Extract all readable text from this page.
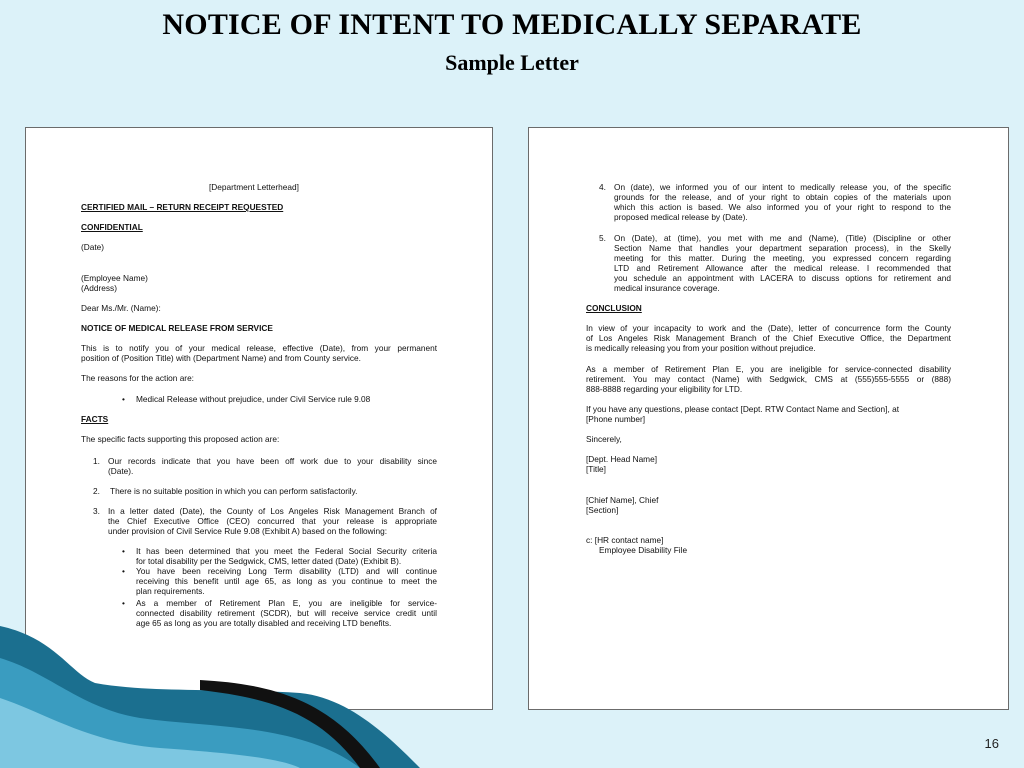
NOTICE OF INTENT TO MEDICALLY SEPARATE
Sample Letter
[Department Letterhead]
CERTIFIED MAIL – RETURN RECEIPT REQUESTED
CONFIDENTIAL
(Date)
(Employee Name)
(Address)
Dear Ms./Mr. (Name):
NOTICE OF MEDICAL RELEASE FROM SERVICE
This is to notify you of your medical release, effective (Date), from your permanent
position of (Position Title) with (Department Name) and from County service.
The reasons for the action are:
• Medical Release without prejudice, under Civil Service rule 9.08
FACTS
The specific facts supporting this proposed action are:
1. Our records indicate that you have been off work due to your disability since
(Date).
2. There is no suitable position in which you can perform satisfactorily.
3. In a letter dated (Date), the County of Los Angeles Risk Management Branch of
the Chief Executive Office (CEO) concurred that your release is appropriate
under provision of Civil Service Rule 9.08 (Exhibit A) based on the following:
• It has been determined that you meet the Federal Social Security criteria
for total disability per the Sedgwick, CMS, letter dated (Date) (Exhibit B).
• You have been receiving Long Term disability (LTD) and will continue
receiving this benefit until age 65, as long as you continue to meet the
plan requirements.
• As a member of Retirement Plan E, you are ineligible for service-
connected disability retirement (SCDR), but will receive service credit until
age 65 as long as you are totally disabled and receiving LTD benefits.
4. On (date), we informed you of our intent to medically release you, of the specific
grounds for the release, and of your right to obtain copies of the materials upon
which this action is based. We also informed you of your right to respond to the
proposed medical release by (Date).
5. On (Date), at (time), you met with me and (Name), (Title) (Discipline or other
Section Name that handles your department separation process), in the Skelly
meeting for this matter. During the meeting, you expressed concern regarding
LTD and Retirement Allowance after the medical release. I recommended that
you schedule an appointment with LACERA to discuss options for retirement and
medical insurance coverage.
CONCLUSION
In view of your incapacity to work and the (Date), letter of concurrence form the County
of Los Angeles Risk Management Branch of the Chief Executive Office, the Department
is medically releasing you from your position without prejudice.
As a member of Retirement Plan E, you are ineligible for service-connected disability
retirement. You may contact (Name) with Sedgwick, CMS at (555)555-5555 or (888)
888-8888 regarding your eligibility for LTD.
If you have any questions, please contact [Dept. RTW Contact Name and Section], at
[Phone number]
Sincerely,
[Dept. Head Name]
[Title]
[Chief Name], Chief
[Section]
c: [HR contact name]
Employee Disability File
16
